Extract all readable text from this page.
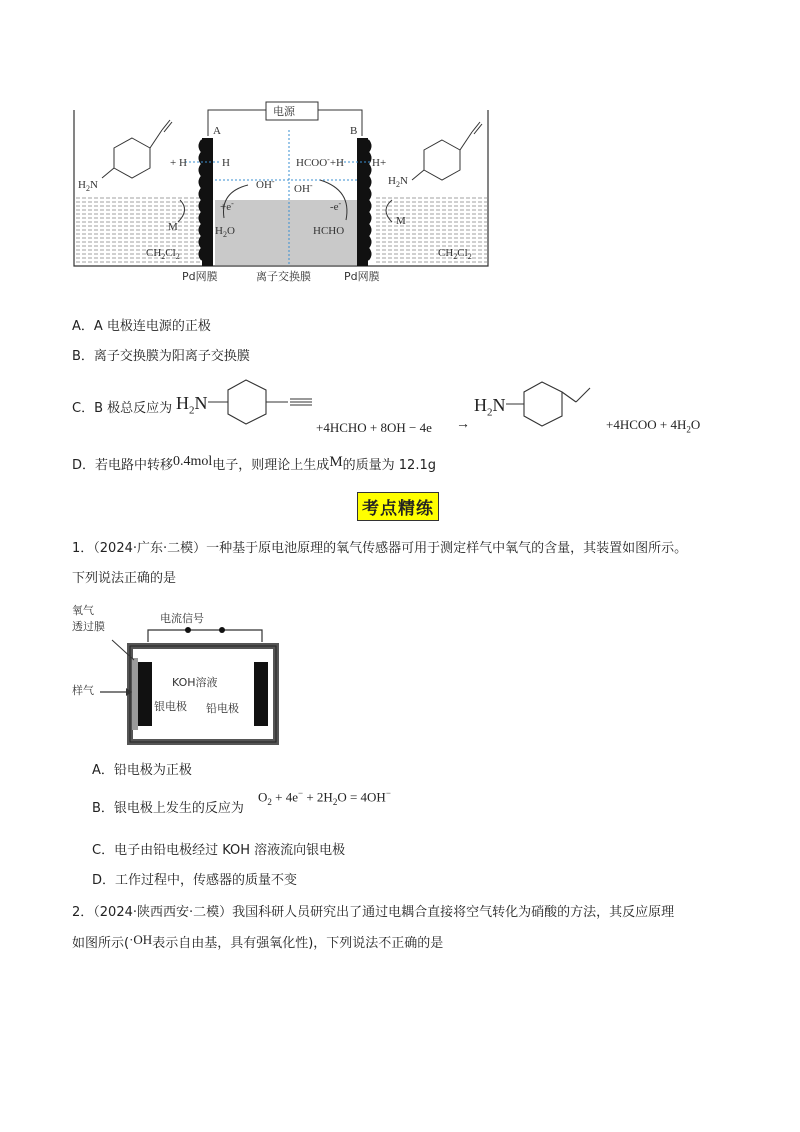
电源
A	B
+ H	H
$H_2N$	OH-
OH-
+e-	-e-
$H_2O$	HCHO
M	M
HCOO-+H	H+
$H_2N$
$CH_2Cl_2$	$CH_2Cl_2$
Pd网膜	离子交换膜	Pd网膜
A．A 电极连电源的正极
B．离子交换膜为阳离子交换膜
C．B 极总反应为 $H_2N$
+4HCHO + 8OH − 4e →
$H_2N$
+4HCOO + $4H_2O$
D．若电路中转移0.4mol电子，则理论上生成M的质量为 12.1g
考点精练
1．（2024·广东·二模）一种基于原电池原理的氧气传感器可用于测定样气中氧气的含量，其装置如图所示。
下列说法正确的是
氧气
透过膜
电流信号
KOH溶液
样气
银电极 铅电极
A．铅电极为正极
B．银电极上发生的反应为
$O_2 + 4e^- + 2H_2O = 4OH^-$
C．电子由铅电极经过 KOH 溶液流向银电极
D．工作过程中，传感器的质量不变
2．（2024·陕西西安·二模）我国科研人员研究出了通过电耦合直接将空气转化为硝酸的方法，其反应原理
如图所示(·OH表示自由基，具有强氧化性)，下列说法不正确的是
